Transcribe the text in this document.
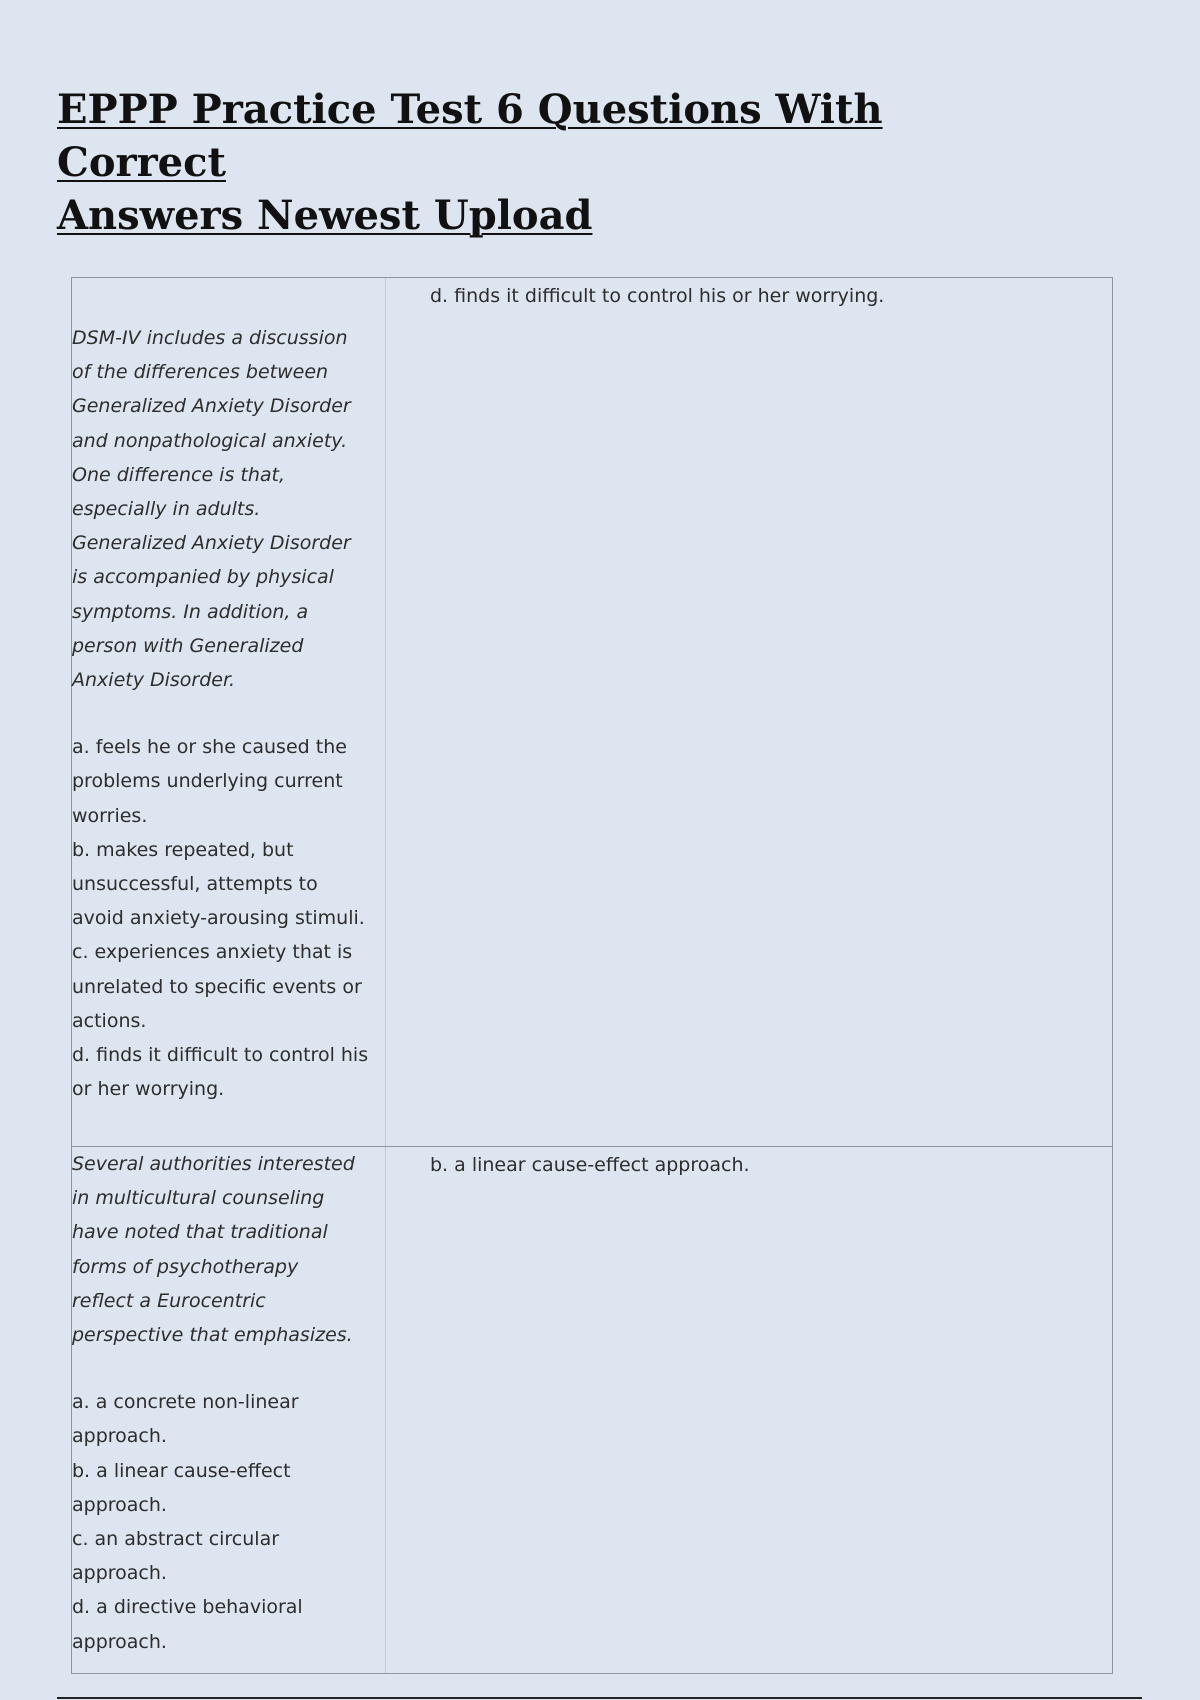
EPPP Practice Test 6 Questions With Correct
Answers Newest Upload
DSM-IV includes a discussion
of the differences between
Generalized Anxiety Disorder
and nonpathological anxiety.
One difference is that,
especially in adults.
Generalized Anxiety Disorder
is accompanied by physical
symptoms. In addition, a
person with Generalized
Anxiety Disorder.
a. feels he or she caused the
problems underlying current
worries.
b. makes repeated, but
unsuccessful, attempts to
avoid anxiety-arousing stimuli.
c. experiences anxiety that is
unrelated to specific events or
actions.
d. finds it difficult to control his
or her worrying.
d. finds it difficult to control his or her worrying.
Several authorities interested
in multicultural counseling
have noted that traditional
forms of psychotherapy
reflect a Eurocentric
perspective that emphasizes.
a. a concrete non-linear
approach.
b. a linear cause-effect
approach.
c. an abstract circular
approach.
d. a directive behavioral
approach.
b. a linear cause-effect approach.
